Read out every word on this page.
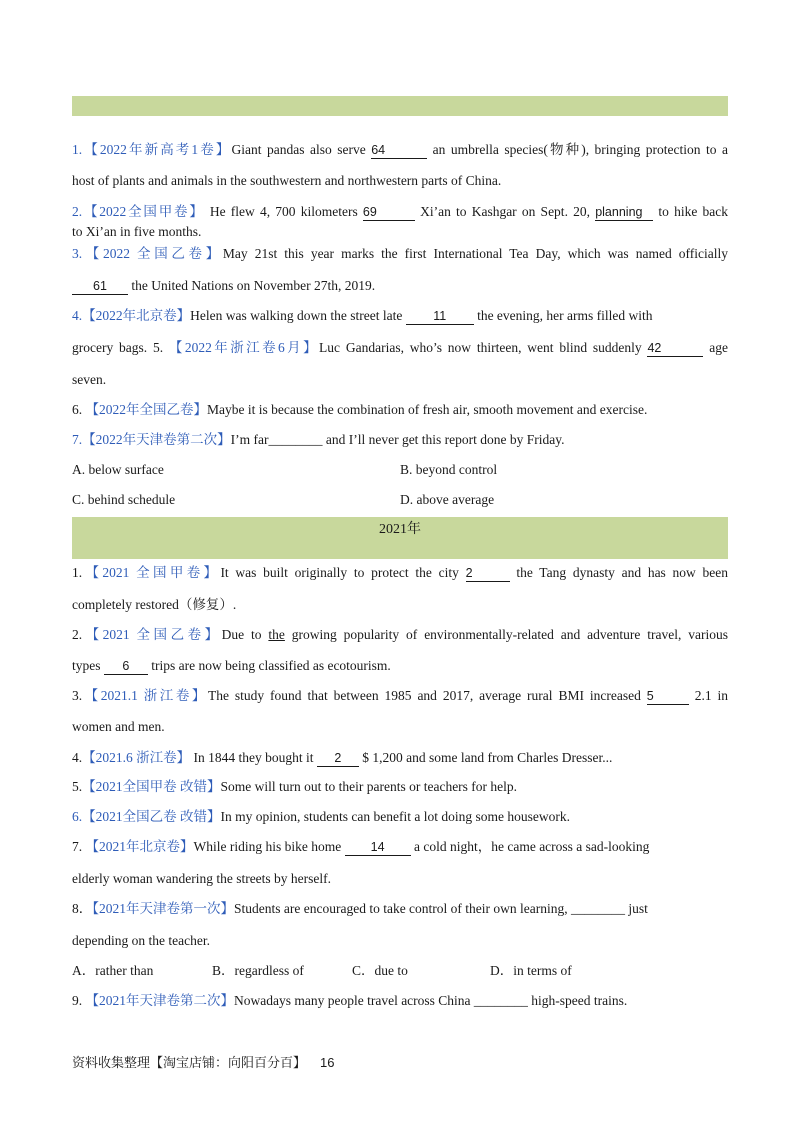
1.【2022年新高考1卷】Giant pandas also serve 64	an umbrella species(物种), bringing protection to a
host of plants and animals in the southwestern and northwestern parts of China.
2.【2022全国甲卷】 He flew 4, 700 kilometers 69	Xi’an to Kashgar on Sept. 20, planning to hike back
to Xi’an in five months.
3.【2022 全国乙卷】May 21st this year marks the first International Tea Day, which was named officially
61 the United Nations on November 27th, 2019.
4.【2022年北京卷】Helen was walking down the street late 11 the evening, her arms filled with
grocery bags. 5. 【2022年浙江卷6月】Luc Gandarias, who’s now thirteen, went blind suddenly 42	age
seven.
6. 【2022年全国乙卷】Maybe it is because the combination of fresh air, smooth movement and exercise.
7.【2022年天津卷第二次】I’m far________ and I’ll never get this report done by Friday.
A. below surface	B. beyond control
C. behind schedule	D. above average
2021年
1.【2021 全国甲卷】It was built originally to protect the city 2	the Tang dynasty and has now been
completely restored（修复）.
2.【2021 全国乙卷】Due to the growing popularity of environmentally-related and adventure travel, various
types 6 trips are now being classified as ecotourism.
3.【2021.1 浙江卷】The study found that between 1985 and 2017, average rural BMI increased 5	2.1 in
women and men.
4.【2021.6 浙江卷】 In 1844 they bought it 2 $ 1,200 and some land from Charles Dresser...
5.【2021全国甲卷 改错】Some will turn out to their parents or teachers for help.
6.【2021全国乙卷 改错】In my opinion, students can benefit a lot doing some housework.
7. 【2021年北京卷】While riding his bike home 14 a cold night，he came across a sad-looking
elderly woman wandering the streets by herself.
8．【2021年天津卷第一次】Students are encouraged to take control of their own learning, ________ just
depending on the teacher.
A．rather than	B．regardless of	C．due to	D．in terms of
9. 【2021年天津卷第二次】Nowadays many people travel across China ________ high-speed trains.
资料收集整理【淘宝店铺：向阳百分百】 16
